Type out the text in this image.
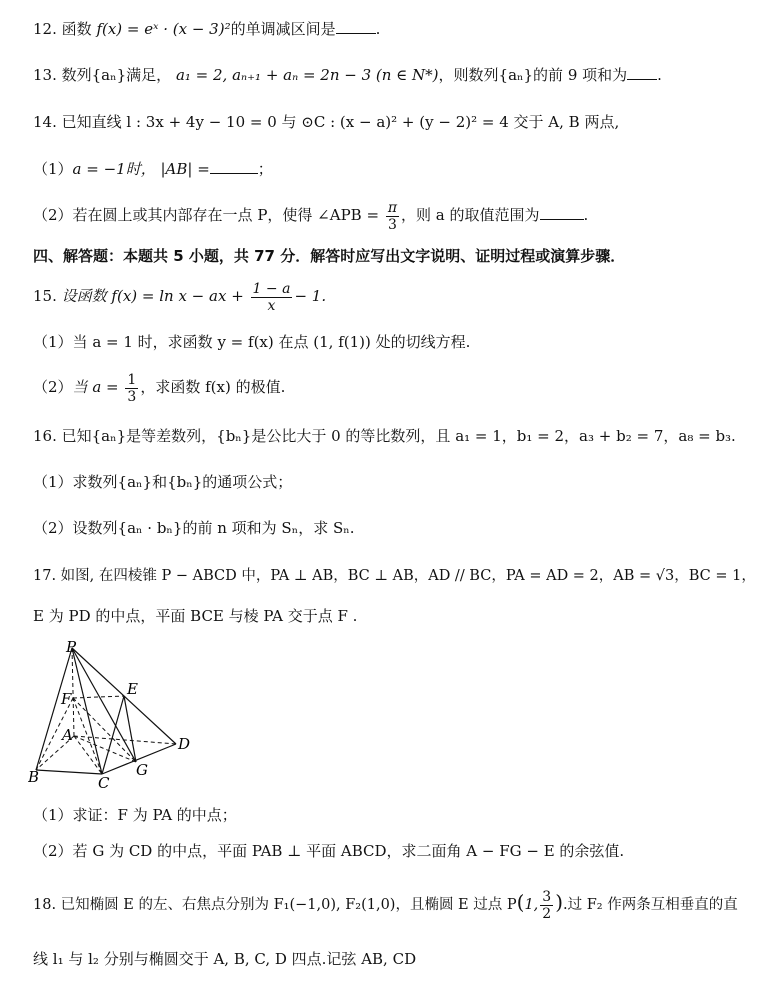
12. 函数 f(x) = eˣ · (x − 3)²的单调减区间是	.
13. 数列{aₙ}满足， a₁ = 2, aₙ₊₁ + aₙ = 2n − 3 (n ∈ N*)，则数列{aₙ}的前 9 项和为 .
14. 已知直线 l : 3x + 4y − 10 = 0 与 ⊙C : (x − a)² + (y − 2)² = 4 交于 A, B 两点,
（1）a = −1时， |AB| =	；
（2）若在圆上或其内部存在一点 P，使得 ∠APB = $\frac{\pi}{3}$ ，则 a 的取值范围为	.
四、解答题：本题共 5 小题，共 77 分．解答时应写出文字说明、证明过程或演算步骤．
15. 设函数 f(x) = ln x − ax + $\frac{1 - a}{x} - 1$.
（1）当 a = 1 时，求函数 y = f(x) 在点 (1, f(1)) 处的切线方程.
（2）当 $a = \frac{1}{3}$ ，求函数 f(x) 的极值.
16. 已知{aₙ}是等差数列，{bₙ}是公比大于 0 的等比数列，且 a₁ = 1，b₁ = 2，a₃ + b₂ = 7，a₈ = b₃.
（1）求数列{aₙ}和{bₙ}的通项公式；
（2）设数列{aₙ · bₙ}的前 n 项和为 Sₙ，求 Sₙ.
17. 如图, 在四棱锥 P − ABCD 中，PA ⊥ AB，BC ⊥ AB，AD // BC，PA = AD = 2，AB = √3，BC = 1，
E 为 PD 的中点，平面 BCE 与棱 PA 交于点 F .
P
F
E
A	D
B	C
G
（1）求证：F 为 PA 的中点；
（2）若 G 为 CD 的中点，平面 PAB ⊥ 平面 ABCD，求二面角 A − FG − E 的余弦值.
18. 已知椭圆 E 的左、右焦点分别为 F₁(−1,0), F₂(1,0)，且椭圆 E 过点 P(1, $\frac{3}{2}$ ).过 F₂ 作两条互相垂直的直
线 l₁ 与 l₂ 分别与椭圆交于 A, B, C, D 四点.记弦 AB, CD
